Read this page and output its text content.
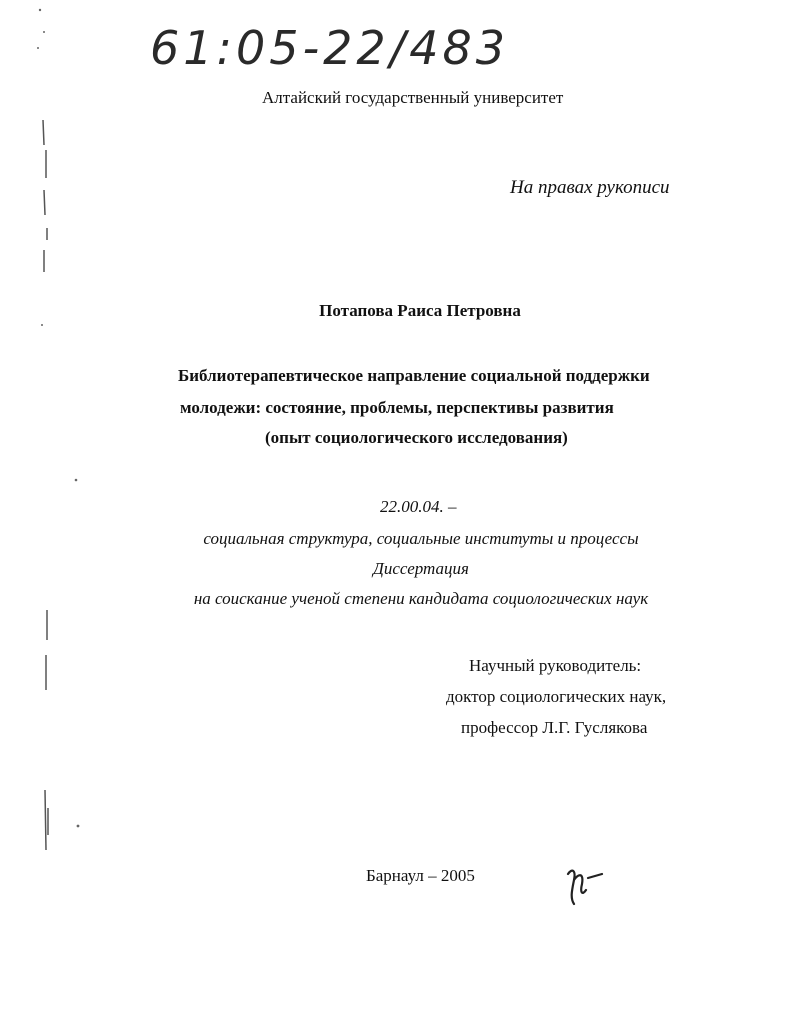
61:05-22/483
Алтайский государственный университет
На правах рукописи
Потапова Раиса Петровна
Библиотерапевтическое направление социальной поддержки
молодежи: состояние, проблемы, перспективы развития
(опыт социологического исследования)
22.00.04. –
социальная структура, социальные институты и процессы
Диссертация
на соискание ученой степени кандидата социологических наук
Научный руководитель:
доктор социологических наук,
профессор Л.Г. Гуслякова
Барнаул – 2005
